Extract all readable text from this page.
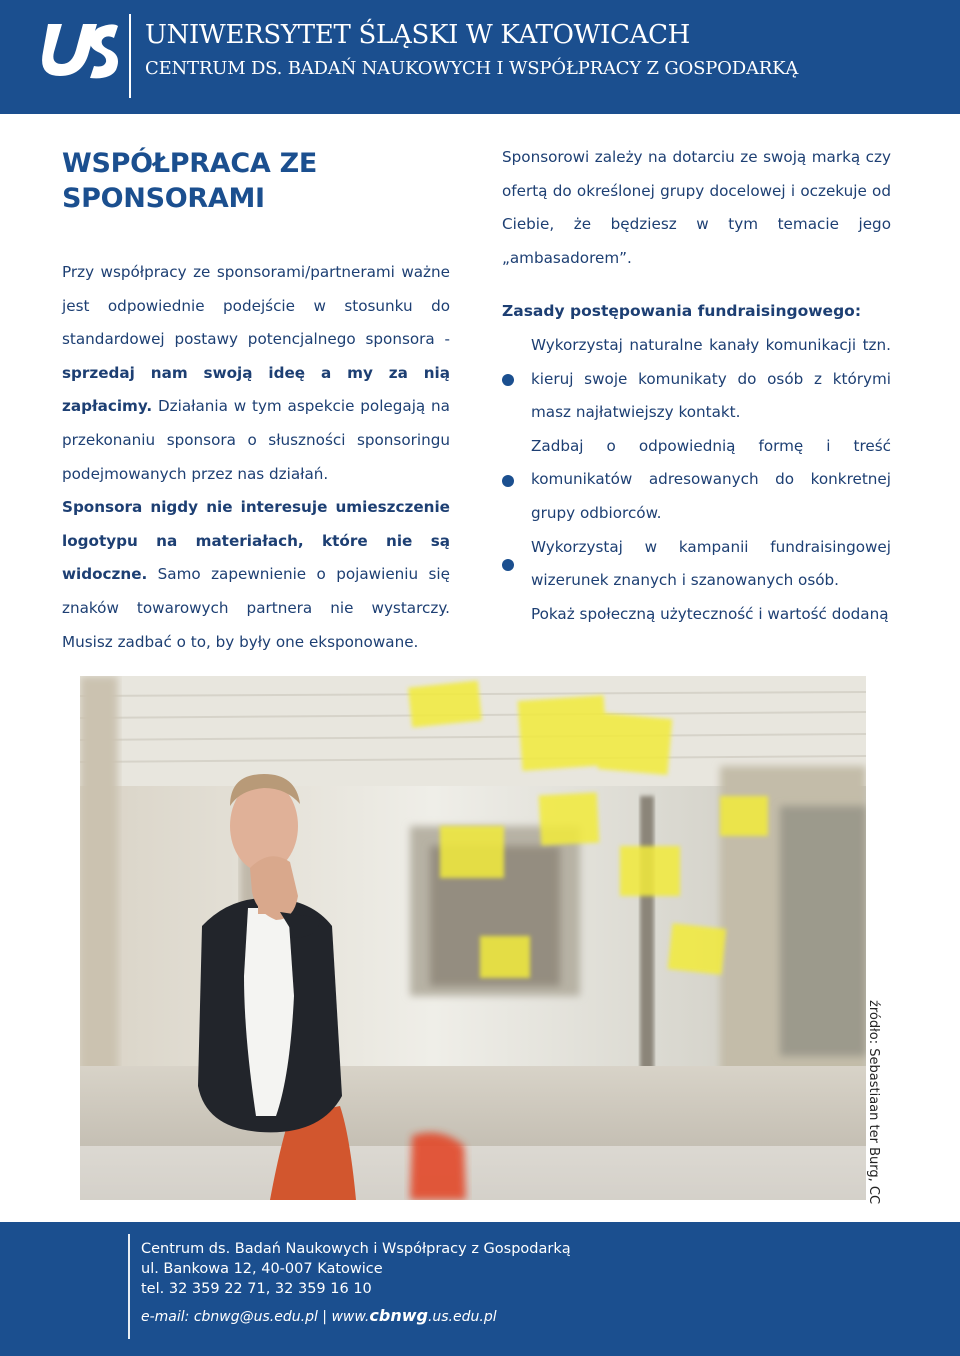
UNIWERSYTET ŚLĄSKI W KATOWICACH
CENTRUM DS. BADAŃ NAUKOWYCH I WSPÓŁPRACY Z GOSPODARKĄ
WSPÓŁPRACA ZE SPONSORAMI

Przy współpracy ze sponsorami/partnerami ważne jest odpowiednie podejście w stosunku do standardowej postawy potencjalnego sponsora - sprzedaj nam swoją ideę a my za nią zapłacimy. Działania w tym aspekcie polegają na przekonaniu sponsora o słuszności sponsoringu podejmowanych przez nas działań.

Sponsora nigdy nie interesuje umieszczenie logotypu na materiałach, które nie są widoczne. Samo zapewnienie o pojawieniu się znaków towarowych partnera nie wystarczy. Musisz zadbać o to, by były one eksponowane.

Sponsorowi zależy na dotarciu ze swoją marką czy ofertą do określonej grupy docelowej i oczekuje od Ciebie, że będziesz w tym temacie jego „ambasadorem”.

Zasady postępowania fundraisingowego:

Wykorzystaj naturalne kanały komunikacji tzn. kieruj swoje komunikaty do osób z którymi masz najłatwiejszy kontakt.
Zadbaj o odpowiednią formę i treść komunikatów adresowanych do konkretnej grupy odbiorców.
Wykorzystaj w kampanii fundraisingowej wizerunek znanych i szanowanych osób.
Pokaż społeczną użyteczność i wartość dodaną
źródło: Sebastiaan ter Burg, CC
Centrum ds. Badań Naukowych i Współpracy z Gospodarką
ul. Bankowa 12, 40-007 Katowice
tel. 32 359 22 71, 32 359 16 10
e-mail: cbnwg@us.edu.pl | www.cbnwg.us.edu.pl
